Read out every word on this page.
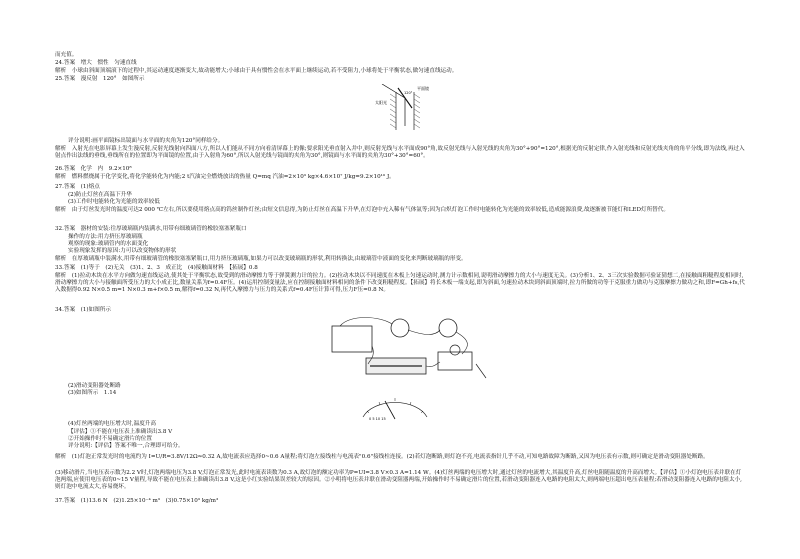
而充值。
24.答案　增大　惯性　匀速直线
解析　小球由斜面顶端滚下的过程中,其运动速度逐渐变大,故动能增大;小球由于具有惯性会在水平面上继续运动,若不受阻力,小球将处于平衡状态,做匀速直线运动。
25.答案　漫反射　120°　如图所示
太阳光
平面镜
120°
评分说明:画平面镜标出镜面与水平面的夹角为120°同样给分。
解析　入射光在电影屏幕上发生漫反射,反射光线射向四面八方,所以人们能从不同方向看清屏幕上的像;要求阳光垂直射入井中,则反射光线与水平面成90°角,故反射光线与入射光线的夹角为30°+90°=120°,根据光的反射定律,作入射光线和反射光线夹角的角平分线,即为法线,再过入射点作出法线的垂线,垂线所在的位置即为平面镜的位置,由于入射角为60°,所以入射光线与镜面的夹角为30°,则镜面与水平面的夹角为30°+30°=60°。
26.答案　化学　内　9.2×10⁸
解析　燃料燃烧属于化学变化,将化学能转化为内能;2 t汽油完全燃烧放出的热量 Q=mq 汽油=2×10³ kg×4.6×10⁷ J/kg=9.2×10¹⁰ J。
27.答案　(1)熔点
(2)防止灯丝在高温下升华
(3)工作时电能转化为光能的效率较低
解析　由于灯丝发光时的温度可达2 000 ℃左右,所以要使用熔点高的钨丝制作灯丝;由短文信息得,为防止灯丝在高温下升华,在灯泡中充入稀有气体氩等;因为白炽灯泡工作时电能转化为光能的效率较低,造成能源浪费,故逐渐被节能灯和LED灯所替代。
32.答案　器材的安装:往厚玻璃瓶内装满水,用带有细玻璃管的橡胶塞塞紧瓶口
操作的方法:用力挤压厚玻璃瓶
观察的现象:玻璃管内的水面变化
实验现象发挥的原因:力可以改变物体的形状
解析　在厚玻璃瓶中装满水,用带有细玻璃管的橡胶塞塞紧瓶口,用力挤压玻璃瓶,如果力可以改变玻璃瓶的形状,利用转换法,由玻璃管中液面的变化来判断玻璃瓶的形变。
33.答案　(1)等于　(2)无关　(3)1、2、3　成正比　(4)接触面材料　【拓展】0.8
解析　(1)拉动木块在水平方向做匀速直线运动,使其处于平衡状态,故受到的滑动摩擦力等于弹簧测力计的拉力。(2)拉动木块以不同速度在木板上匀速运动时,测力计示数相同,说明滑动摩擦力的大小与速度无关。(3)分析1、2、3三次实验数据可验证猜想二,在接触面粗糙程度相同时,滑动摩擦力的大小与接触面所受压力的大小成正比,数量关系为f=0.4F压。(4)运用控制变量法,应在控制接触面材料相同的条件下改变粗糙程度。【拓展】将长木板一端支起,即为斜面,匀速拉动木块到斜面顶端时,拉力所做的功等于克服重力做功与克服摩擦力做功之和,即F=Gh+fs,代入数据得0.92 N×0.5 m=1 N×0.3 m+f×0.5 m,解得f=0.32 N,再代入摩擦力与压力的关系式f=0.4F压计算可得,压力F压=0.8 N。
34.答案　(1)如图所示
(2)滑动变阻器处断路
(3)如图所示　1.14
0 5 10 15
(4)灯丝两端的电压增大时,温度升高
【评估】①不能在电压表上准确读出3.8 V
②开始操作时不易确定滑片的位置
评分说明:【评估】答案不唯一,合理即可给分。
解析　(1)灯泡正常发光时的电流约为 I=U/R=3.8V/12Ω≈0.32 A,故电流表应选择0~0.6 A量程;将灯泡左接线柱与电流表"0.6"接线柱连接。(2)若灯泡断路,则灯泡不亮,电流表指针几乎不动,可知电路故障为断路,又因为电压表有示数,则可确定是滑动变阻器处断路。
(3)移动滑片,当电压表示数为2.2 V时,灯泡两端电压为3.8 V,灯泡正常发光,此时电流表读数为0.3 A,故灯泡的额定功率为P=UI=3.8 V×0.3 A=1.14 W。(4)灯丝两端的电压增大时,通过灯丝的电流增大,其温度升高,灯丝电阻随温度的升高而增大。【评估】①小灯泡电压表并联在灯泡两端,应使用电压表的0~15 V量程,导致不能在电压表上准确读出3.8 V,这是小红实验结果误差较大的原因。②小明将电压表并联在滑动变阻器两端,开始操作时不易确定滑片的位置,若滑动变阻器连入电路的电阻太大,则两端电压超出电压表量程;若滑动变阻器连入电路的电阻太小,则灯泡中电流太大,容易烧坏。
37.答案　(1)13.6 N　(2)1.25×10⁻⁴ m³　(3)0.75×10³ kg/m³
